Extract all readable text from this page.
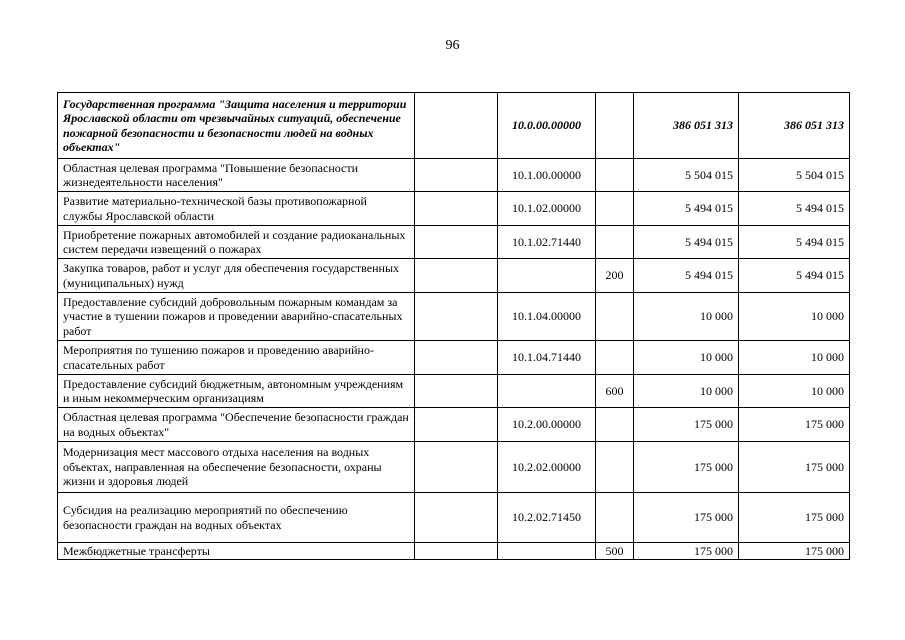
96
Государственная программа "Защита населения и территории Ярославской области от чрезвычайных ситуаций, обеспечение пожарной безопасности и безопасности людей на водных объектах"		10.0.00.00000		386 051 313	386 051 313
Областная целевая программа "Повышение безопасности жизнедеятельности населения"		10.1.00.00000		5 504 015	5 504 015
Развитие материально-технической базы противопожарной службы Ярославской области		10.1.02.00000		5 494 015	5 494 015
Приобретение пожарных автомобилей и создание радиоканальных систем передачи извещений о пожарах		10.1.02.71440		5 494 015	5 494 015
Закупка товаров, работ и услуг для обеспечения государственных (муниципальных) нужд			200	5 494 015	5 494 015
Предоставление субсидий добровольным пожарным командам за участие в тушении пожаров и проведении аварийно-спасательных работ		10.1.04.00000		10 000	10 000
Мероприятия по тушению пожаров и проведению аварийно-спасательных работ		10.1.04.71440		10 000	10 000
Предоставление субсидий бюджетным, автономным учреждениям и иным некоммерческим организациям			600	10 000	10 000
Областная целевая программа "Обеспечение безопасности граждан на водных объектах"		10.2.00.00000		175 000	175 000
Модернизация мест массового отдыха населения на водных объектах, направленная на обеспечение безопасности, охраны жизни и здоровья людей		10.2.02.00000		175 000	175 000
Субсидия на реализацию мероприятий по обеспечению безопасности граждан на водных объектах		10.2.02.71450		175 000	175 000
Межбюджетные трансферты			500	175 000	175 000
